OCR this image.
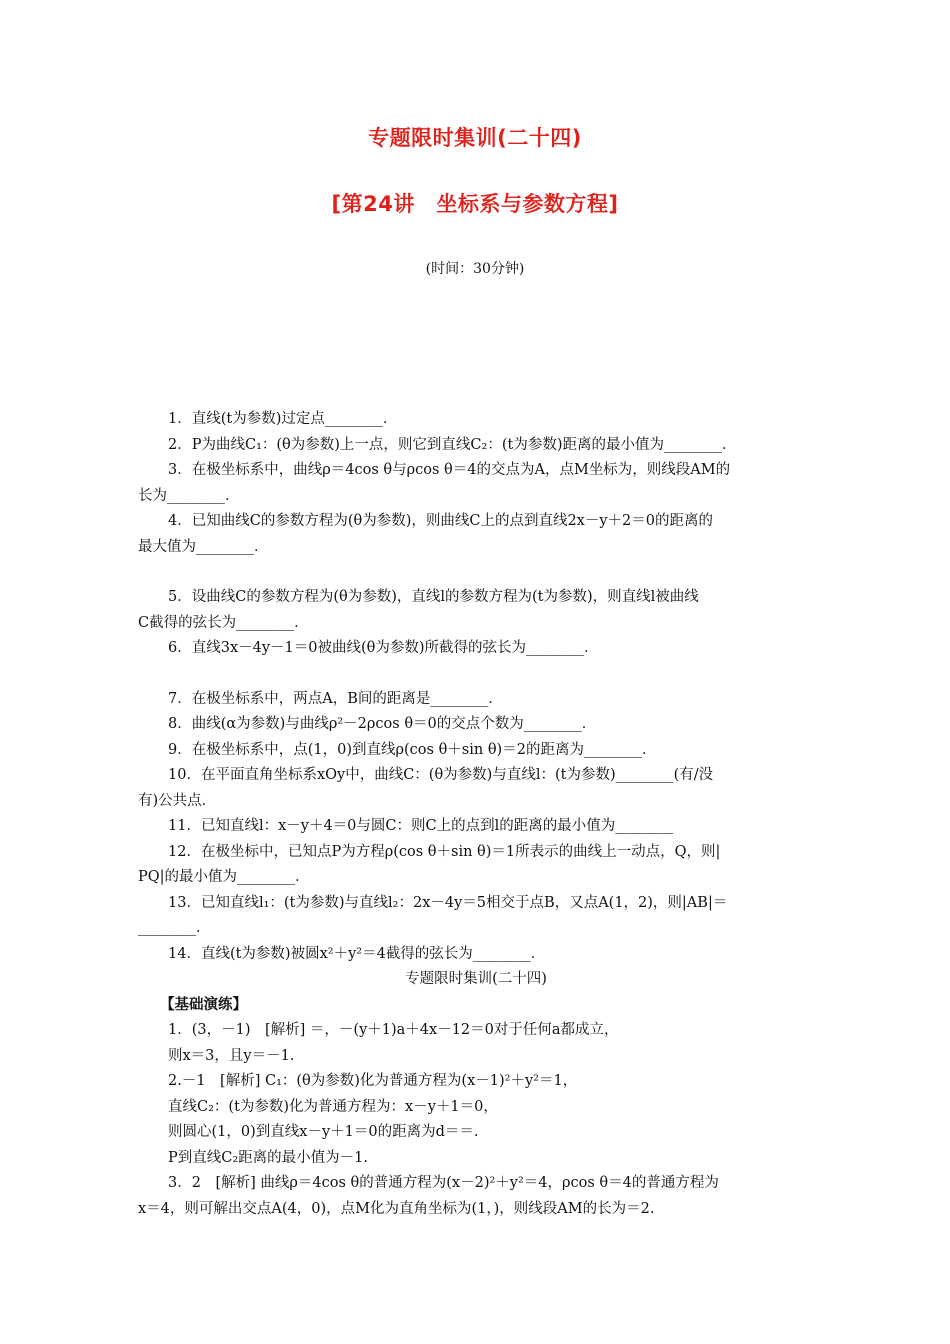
专题限时集训(二十四)
[第24讲　坐标系与参数方程]
(时间：30分钟)

1．直线(t为参数)过定点________．

2．P为曲线C₁：(θ为参数)上一点，则它到直线C₂：(t为参数)距离的最小值为________．

3．在极坐标系中，曲线ρ＝4cos θ与ρcos θ＝4的交点为A，点M坐标为，则线段AM的

长为________．

4．已知曲线C的参数方程为(θ为参数)，则曲线C上的点到直线2x－y＋2＝0的距离的

最大值为________．

5．设曲线C的参数方程为(θ为参数)，直线l的参数方程为(t为参数)，则直线l被曲线

C截得的弦长为________．

6．直线3x－4y－1＝0被曲线(θ为参数)所截得的弦长为________．

7．在极坐标系中，两点A，B间的距离是________．

8．曲线(α为参数)与曲线ρ²－2ρcos θ＝0的交点个数为________．

9．在极坐标系中，点(1，0)到直线ρ(cos θ＋sin θ)＝2的距离为________．

10．在平面直角坐标系xOy中，曲线C：(θ为参数)与直线l：(t为参数)________(有/没

有)公共点．

11．已知直线l：x－y＋4＝0与圆C：则C上的点到l的距离的最小值为________

12．在极坐标中，已知点P为方程ρ(cos θ＋sin θ)＝1所表示的曲线上一动点，Q，则|

PQ|的最小值为________．

13．已知直线l₁：(t为参数)与直线l₂：2x－4y＝5相交于点B，又点A(1，2)，则|AB|＝

________．

14．直线(t为参数)被圆x²＋y²＝4截得的弦长为________．

专题限时集训(二十四)

【基础演练】

1．(3，－1)　[解析] ＝，－(y＋1)a＋4x－12＝0对于任何a都成立，

则x＝3，且y＝－1.

2.－1　[解析] C₁：(θ为参数)化为普通方程为(x－1)²＋y²＝1，

直线C₂：(t为参数)化为普通方程为：x－y＋1＝0，

则圆心(1，0)到直线x－y＋1＝0的距离为d＝＝.

P到直线C₂距离的最小值为－1.

3．2　[解析] 曲线ρ＝4cos θ的普通方程为(x－2)²＋y²＝4，ρcos θ＝4的普通方程为

x＝4，则可解出交点A(4，0)，点M化为直角坐标为(1，)，则线段AM的长为＝2.
